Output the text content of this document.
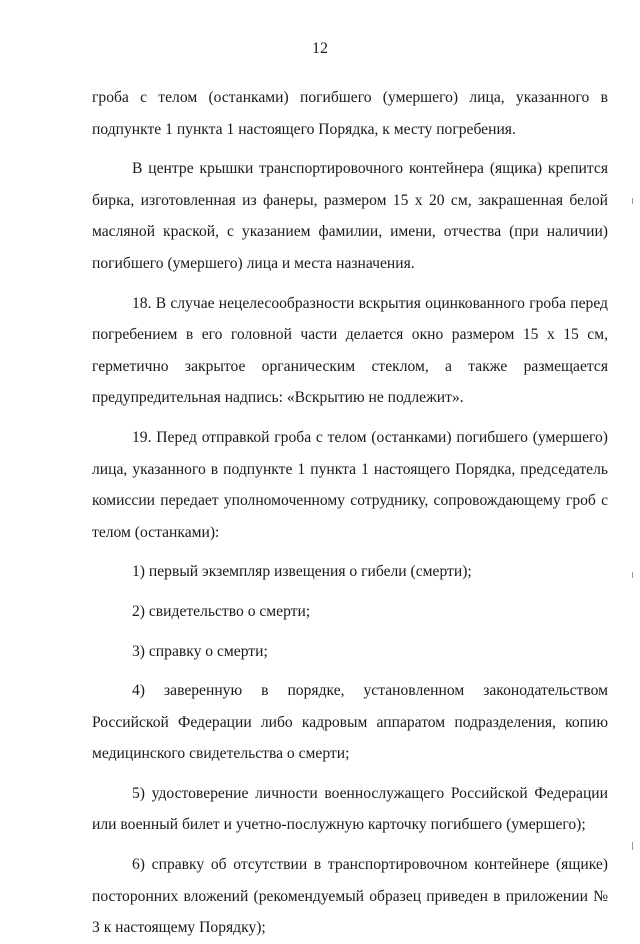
12

гроба с телом (останками) погибшего (умершего) лица, указанного в подпункте 1 пункта 1 настоящего Порядка, к месту погребения.

В центре крышки транспортировочного контейнера (ящика) крепится бирка, изготовленная из фанеры, размером 15 x 20 см, закрашенная белой масляной краской, с указанием фамилии, имени, отчества (при наличии) погибшего (умершего) лица и места назначения.

18. В случае нецелесообразности вскрытия оцинкованного гроба перед погребением в его головной части делается окно размером 15 x 15 см, герметично закрытое органическим стеклом, а также размещается предупредительная надпись: «Вскрытию не подлежит».

19. Перед отправкой гроба с телом (останками) погибшего (умершего) лица, указанного в подпункте 1 пункта 1 настоящего Порядка, председатель комиссии передает уполномоченному сотруднику, сопровождающему гроб с телом (останками):

1) первый экземпляр извещения о гибели (смерти);

2) свидетельство о смерти;

3) справку о смерти;

4) заверенную в порядке, установленном законодательством Российской Федерации либо кадровым аппаратом подразделения, копию медицинского свидетельства о смерти;

5) удостоверение личности военнослужащего Российской Федерации или военный билет и учетно-послужную карточку погибшего (умершего);

6) справку об отсутствии в транспортировочном контейнере (ящике) посторонних вложений (рекомендуемый образец приведен в приложении № 3 к настоящему Порядку);
